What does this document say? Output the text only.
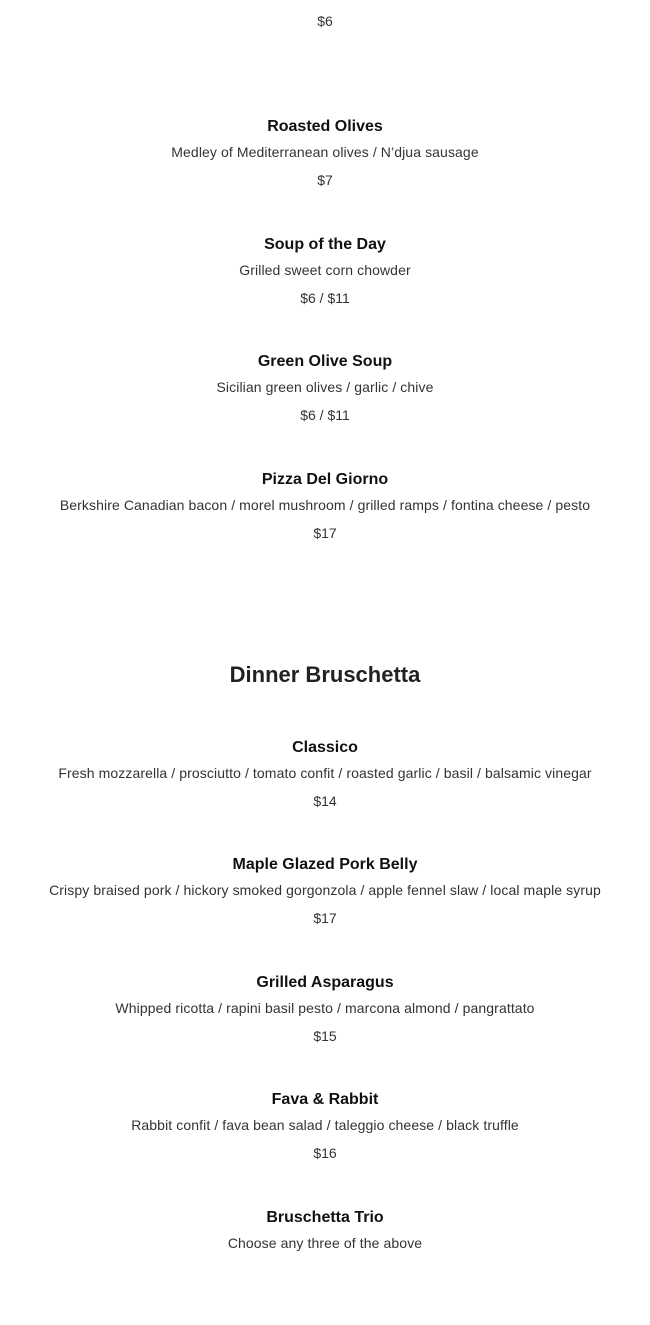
$6

Roasted Olives

Medley of Mediterranean olives / N’djua sausage

$7

Soup of the Day

Grilled sweet corn chowder

$6 / $11

Green Olive Soup

Sicilian green olives / garlic / chive

$6 / $11

Pizza Del Giorno

Berkshire Canadian bacon / morel mushroom / grilled ramps / fontina cheese / pesto

$17

Dinner Bruschetta

Classico

Fresh mozzarella / prosciutto / tomato confit / roasted garlic / basil / balsamic vinegar

$14

Maple Glazed Pork Belly

Crispy braised pork / hickory smoked gorgonzola / apple fennel slaw / local maple syrup

$17

Grilled Asparagus

Whipped ricotta / rapini basil pesto / marcona almond / pangrattato

$15

Fava & Rabbit

Rabbit confit / fava bean salad / taleggio cheese / black truffle

$16

Bruschetta Trio

Choose any three of the above
